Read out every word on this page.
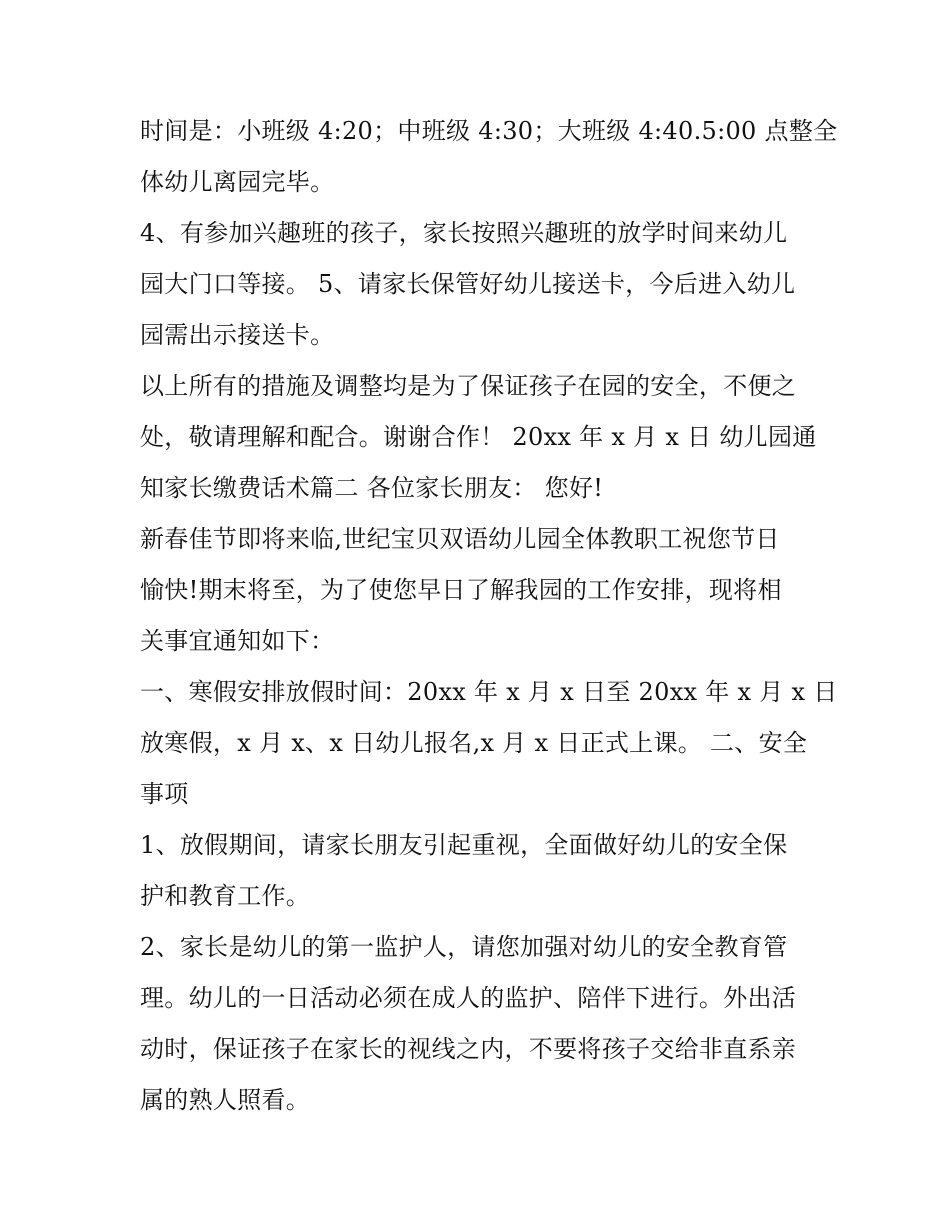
时间是：小班级 4:20；中班级 4:30；大班级 4:40.5:00 点整全
体幼儿离园完毕。
4、有参加兴趣班的孩子，家长按照兴趣班的放学时间来幼儿
园大门口等接。 5、请家长保管好幼儿接送卡，今后进入幼儿
园需出示接送卡。
以上所有的措施及调整均是为了保证孩子在园的安全，不便之
处，敬请理解和配合。谢谢合作！ 20xx 年 x 月 x 日 幼儿园通
知家长缴费话术篇二 各位家长朋友： 您好!
新春佳节即将来临,世纪宝贝双语幼儿园全体教职工祝您节日
愉快!期末将至，为了使您早日了解我园的工作安排，现将相
关事宜通知如下：
一、寒假安排放假时间：20xx 年 x 月 x 日至 20xx 年 x 月 x 日
放寒假，x 月 x、x 日幼儿报名,x 月 x 日正式上课。 二、安全
事项
1、放假期间，请家长朋友引起重视，全面做好幼儿的安全保
护和教育工作。
2、家长是幼儿的第一监护人，请您加强对幼儿的安全教育管
理。幼儿的一日活动必须在成人的监护、陪伴下进行。外出活
动时，保证孩子在家长的视线之内，不要将孩子交给非直系亲
属的熟人照看。
